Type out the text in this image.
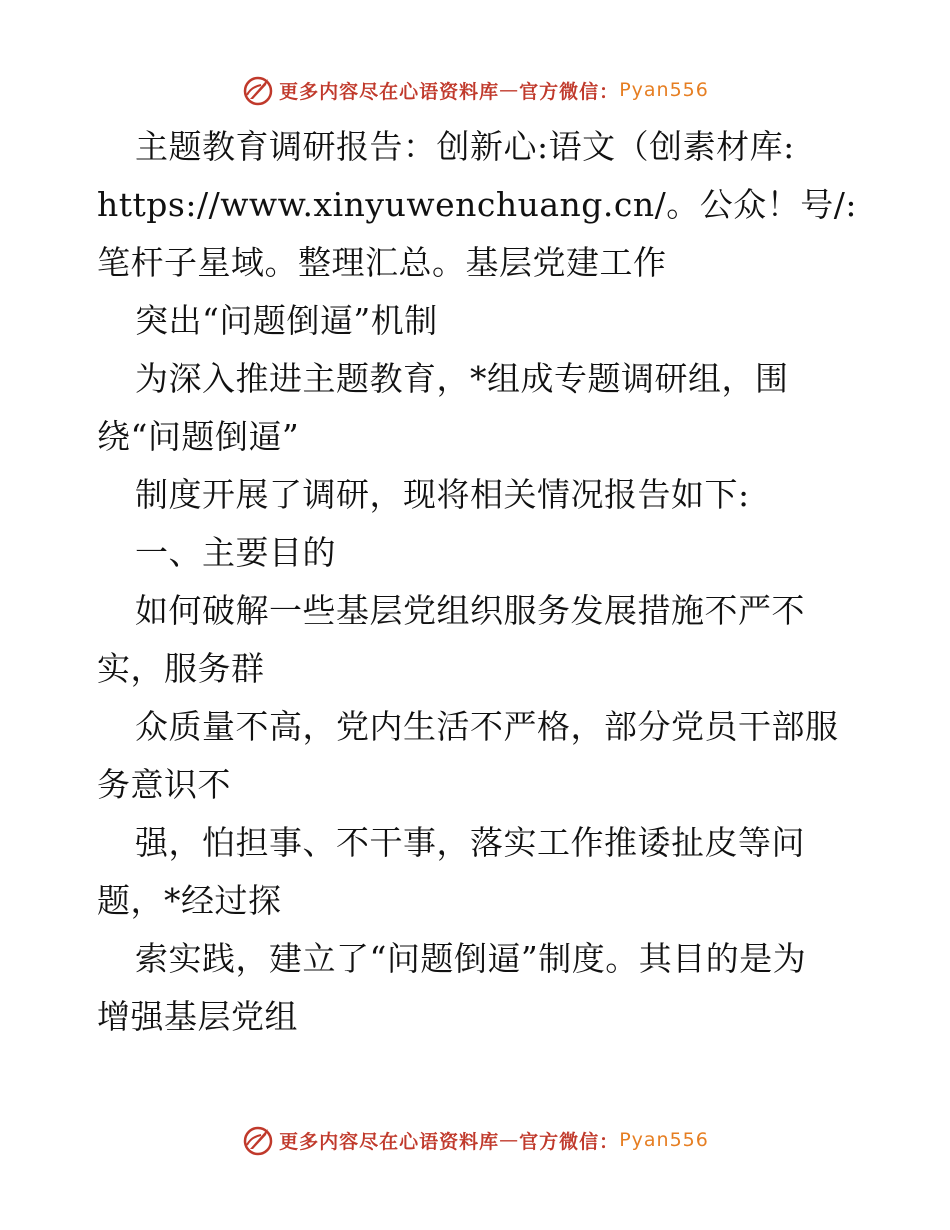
更多内容尽在心语资料库 — 官方微信： Pyan556
主题教育调研报告：创新心:语文（创素材库:
https://www.xinyuwenchuang.cn/。公众！号/:
笔杆子星域。整理汇总。基层党建工作
突出“问题倒逼”机制
为深入推进主题教育，*组成专题调研组，围
绕“问题倒逼”
制度开展了调研，现将相关情况报告如下:
一、主要目的
如何破解一些基层党组织服务发展措施不严不
实，服务群
众质量不高，党内生活不严格，部分党员干部服
务意识不
强，怕担事、不干事，落实工作推诿扯皮等问
题，*经过探
索实践，建立了“问题倒逼”制度。其目的是为
增强基层党组
更多内容尽在心语资料库 — 官方微信： Pyan556
